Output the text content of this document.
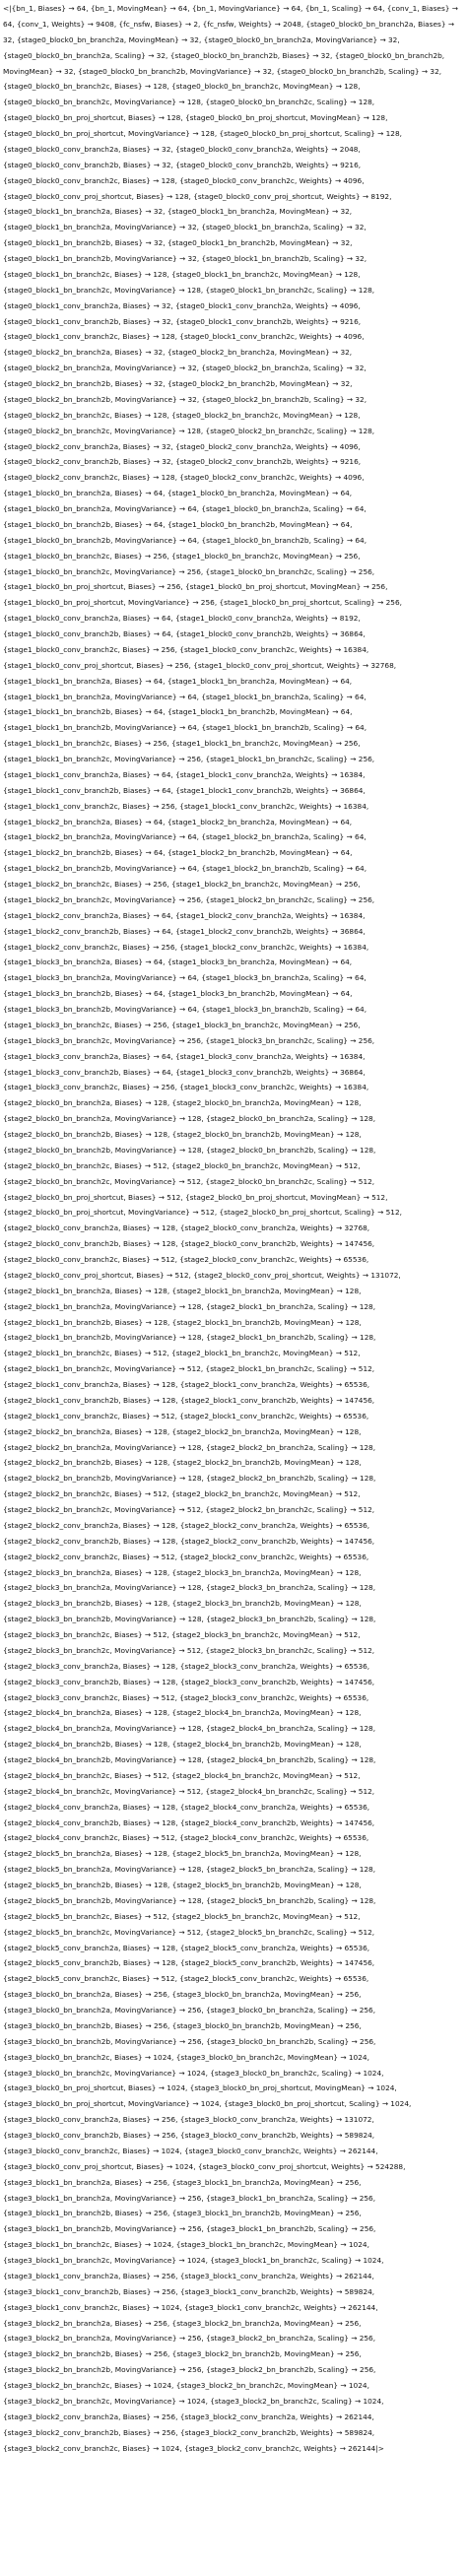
<|{bn_1, Biases} → 64, {bn_1, MovingMean} → 64, {bn_1, MovingVariance} → 64, {bn_1, Scaling} → 64, {conv_1, Biases} → 64, {conv_1, Weights} → 9408, {fc_nsfw, Biases} → 2, {fc_nsfw, Weights} → 2048, {stage0_block0_bn_branch2a, Biases} → 32, {stage0_block0_bn_branch2a, MovingMean} → 32, {stage0_block0_bn_branch2a, MovingVariance} → 32, {stage0_block0_bn_branch2a, Scaling} → 32, {stage0_block0_bn_branch2b, Biases} → 32, {stage0_block0_bn_branch2b, MovingMean} → 32, {stage0_block0_bn_branch2b, MovingVariance} → 32, {stage0_block0_bn_branch2b, Scaling} → 32, {stage0_block0_bn_branch2c, Biases} → 128, {stage0_block0_bn_branch2c, MovingMean} → 128, {stage0_block0_bn_branch2c, MovingVariance} → 128, {stage0_block0_bn_branch2c, Scaling} → 128, {stage0_block0_bn_proj_shortcut, Biases} → 128, {stage0_block0_bn_proj_shortcut, MovingMean} → 128, {stage0_block0_bn_proj_shortcut, MovingVariance} → 128, {stage0_block0_bn_proj_shortcut, Scaling} → 128, {stage0_block0_conv_branch2a, Biases} → 32, {stage0_block0_conv_branch2a, Weights} → 2048, {stage0_block0_conv_branch2b, Biases} → 32, {stage0_block0_conv_branch2b, Weights} → 9216, {stage0_block0_conv_branch2c, Biases} → 128, {stage0_block0_conv_branch2c, Weights} → 4096, {stage0_block0_conv_proj_shortcut, Biases} → 128, {stage0_block0_conv_proj_shortcut, Weights} → 8192, {stage0_block1_bn_branch2a, Biases} → 32, {stage0_block1_bn_branch2a, MovingMean} → 32, {stage0_block1_bn_branch2a, MovingVariance} → 32, {stage0_block1_bn_branch2a, Scaling} → 32, {stage0_block1_bn_branch2b, Biases} → 32, {stage0_block1_bn_branch2b, MovingMean} → 32, {stage0_block1_bn_branch2b, MovingVariance} → 32, {stage0_block1_bn_branch2b, Scaling} → 32, {stage0_block1_bn_branch2c, Biases} → 128, {stage0_block1_bn_branch2c, MovingMean} → 128, {stage0_block1_bn_branch2c, MovingVariance} → 128, {stage0_block1_bn_branch2c, Scaling} → 128, {stage0_block1_conv_branch2a, Biases} → 32, {stage0_block1_conv_branch2a, Weights} → 4096, {stage0_block1_conv_branch2b, Biases} → 32, {stage0_block1_conv_branch2b, Weights} → 9216, {stage0_block1_conv_branch2c, Biases} → 128, {stage0_block1_conv_branch2c, Weights} → 4096, {stage0_block2_bn_branch2a, Biases} → 32, {stage0_block2_bn_branch2a, MovingMean} → 32, {stage0_block2_bn_branch2a, MovingVariance} → 32, {stage0_block2_bn_branch2a, Scaling} → 32, {stage0_block2_bn_branch2b, Biases} → 32, {stage0_block2_bn_branch2b, MovingMean} → 32, {stage0_block2_bn_branch2b, MovingVariance} → 32, {stage0_block2_bn_branch2b, Scaling} → 32, {stage0_block2_bn_branch2c, Biases} → 128, {stage0_block2_bn_branch2c, MovingMean} → 128, {stage0_block2_bn_branch2c, MovingVariance} → 128, {stage0_block2_bn_branch2c, Scaling} → 128, {stage0_block2_conv_branch2a, Biases} → 32, {stage0_block2_conv_branch2a, Weights} → 4096, {stage0_block2_conv_branch2b, Biases} → 32, {stage0_block2_conv_branch2b, Weights} → 9216, {stage0_block2_conv_branch2c, Biases} → 128, {stage0_block2_conv_branch2c, Weights} → 4096, {stage1_block0_bn_branch2a, Biases} → 64, {stage1_block0_bn_branch2a, MovingMean} → 64, {stage1_block0_bn_branch2a, MovingVariance} → 64, {stage1_block0_bn_branch2a, Scaling} → 64, {stage1_block0_bn_branch2b, Biases} → 64, {stage1_block0_bn_branch2b, MovingMean} → 64, {stage1_block0_bn_branch2b, MovingVariance} → 64, {stage1_block0_bn_branch2b, Scaling} → 64, {stage1_block0_bn_branch2c, Biases} → 256, {stage1_block0_bn_branch2c, MovingMean} → 256, {stage1_block0_bn_branch2c, MovingVariance} → 256, {stage1_block0_bn_branch2c, Scaling} → 256, {stage1_block0_bn_proj_shortcut, Biases} → 256, {stage1_block0_bn_proj_shortcut, MovingMean} → 256, {stage1_block0_bn_proj_shortcut, MovingVariance} → 256, {stage1_block0_bn_proj_shortcut, Scaling} → 256, {stage1_block0_conv_branch2a, Biases} → 64, {stage1_block0_conv_branch2a, Weights} → 8192, {stage1_block0_conv_branch2b, Biases} → 64, {stage1_block0_conv_branch2b, Weights} → 36864, {stage1_block0_conv_branch2c, Biases} → 256, {stage1_block0_conv_branch2c, Weights} → 16384, {stage1_block0_conv_proj_shortcut, Biases} → 256, {stage1_block0_conv_proj_shortcut, Weights} → 32768, {stage1_block1_bn_branch2a, Biases} → 64, {stage1_block1_bn_branch2a, MovingMean} → 64, {stage1_block1_bn_branch2a, MovingVariance} → 64, {stage1_block1_bn_branch2a, Scaling} → 64, {stage1_block1_bn_branch2b, Biases} → 64, {stage1_block1_bn_branch2b, MovingMean} → 64, {stage1_block1_bn_branch2b, MovingVariance} → 64, {stage1_block1_bn_branch2b, Scaling} → 64, {stage1_block1_bn_branch2c, Biases} → 256, {stage1_block1_bn_branch2c, MovingMean} → 256, {stage1_block1_bn_branch2c, MovingVariance} → 256, {stage1_block1_bn_branch2c, Scaling} → 256, {stage1_block1_conv_branch2a, Biases} → 64, {stage1_block1_conv_branch2a, Weights} → 16384, {stage1_block1_conv_branch2b, Biases} → 64, {stage1_block1_conv_branch2b, Weights} → 36864, {stage1_block1_conv_branch2c, Biases} → 256, {stage1_block1_conv_branch2c, Weights} → 16384, {stage1_block2_bn_branch2a, Biases} → 64, {stage1_block2_bn_branch2a, MovingMean} → 64, {stage1_block2_bn_branch2a, MovingVariance} → 64, {stage1_block2_bn_branch2a, Scaling} → 64, {stage1_block2_bn_branch2b, Biases} → 64, {stage1_block2_bn_branch2b, MovingMean} → 64, {stage1_block2_bn_branch2b, MovingVariance} → 64, {stage1_block2_bn_branch2b, Scaling} → 64, {stage1_block2_bn_branch2c, Biases} → 256, {stage1_block2_bn_branch2c, MovingMean} → 256, {stage1_block2_bn_branch2c, MovingVariance} → 256, {stage1_block2_bn_branch2c, Scaling} → 256, {stage1_block2_conv_branch2a, Biases} → 64, {stage1_block2_conv_branch2a, Weights} → 16384, {stage1_block2_conv_branch2b, Biases} → 64, {stage1_block2_conv_branch2b, Weights} → 36864, {stage1_block2_conv_branch2c, Biases} → 256, {stage1_block2_conv_branch2c, Weights} → 16384, {stage1_block3_bn_branch2a, Biases} → 64, {stage1_block3_bn_branch2a, MovingMean} → 64, {stage1_block3_bn_branch2a, MovingVariance} → 64, {stage1_block3_bn_branch2a, Scaling} → 64, {stage1_block3_bn_branch2b, Biases} → 64, {stage1_block3_bn_branch2b, MovingMean} → 64, {stage1_block3_bn_branch2b, MovingVariance} → 64, {stage1_block3_bn_branch2b, Scaling} → 64, {stage1_block3_bn_branch2c, Biases} → 256, {stage1_block3_bn_branch2c, MovingMean} → 256, {stage1_block3_bn_branch2c, MovingVariance} → 256, {stage1_block3_bn_branch2c, Scaling} → 256, {stage1_block3_conv_branch2a, Biases} → 64, {stage1_block3_conv_branch2a, Weights} → 16384, {stage1_block3_conv_branch2b, Biases} → 64, {stage1_block3_conv_branch2b, Weights} → 36864, {stage1_block3_conv_branch2c, Biases} → 256, {stage1_block3_conv_branch2c, Weights} → 16384, {stage2_block0_bn_branch2a, Biases} → 128, {stage2_block0_bn_branch2a, MovingMean} → 128, {stage2_block0_bn_branch2a, MovingVariance} → 128, {stage2_block0_bn_branch2a, Scaling} → 128, {stage2_block0_bn_branch2b, Biases} → 128, {stage2_block0_bn_branch2b, MovingMean} → 128, {stage2_block0_bn_branch2b, MovingVariance} → 128, {stage2_block0_bn_branch2b, Scaling} → 128, {stage2_block0_bn_branch2c, Biases} → 512, {stage2_block0_bn_branch2c, MovingMean} → 512, {stage2_block0_bn_branch2c, MovingVariance} → 512, {stage2_block0_bn_branch2c, Scaling} → 512, {stage2_block0_bn_proj_shortcut, Biases} → 512, {stage2_block0_bn_proj_shortcut, MovingMean} → 512, {stage2_block0_bn_proj_shortcut, MovingVariance} → 512, {stage2_block0_bn_proj_shortcut, Scaling} → 512, {stage2_block0_conv_branch2a, Biases} → 128, {stage2_block0_conv_branch2a, Weights} → 32768, {stage2_block0_conv_branch2b, Biases} → 128, {stage2_block0_conv_branch2b, Weights} → 147456, {stage2_block0_conv_branch2c, Biases} → 512, {stage2_block0_conv_branch2c, Weights} → 65536, {stage2_block0_conv_proj_shortcut, Biases} → 512, {stage2_block0_conv_proj_shortcut, Weights} → 131072, {stage2_block1_bn_branch2a, Biases} → 128, {stage2_block1_bn_branch2a, MovingMean} → 128, {stage2_block1_bn_branch2a, MovingVariance} → 128, {stage2_block1_bn_branch2a, Scaling} → 128, {stage2_block1_bn_branch2b, Biases} → 128, {stage2_block1_bn_branch2b, MovingMean} → 128, {stage2_block1_bn_branch2b, MovingVariance} → 128, {stage2_block1_bn_branch2b, Scaling} → 128, {stage2_block1_bn_branch2c, Biases} → 512, {stage2_block1_bn_branch2c, MovingMean} → 512, {stage2_block1_bn_branch2c, MovingVariance} → 512, {stage2_block1_bn_branch2c, Scaling} → 512, {stage2_block1_conv_branch2a, Biases} → 128, {stage2_block1_conv_branch2a, Weights} → 65536, {stage2_block1_conv_branch2b, Biases} → 128, {stage2_block1_conv_branch2b, Weights} → 147456, {stage2_block1_conv_branch2c, Biases} → 512, {stage2_block1_conv_branch2c, Weights} → 65536, {stage2_block2_bn_branch2a, Biases} → 128, {stage2_block2_bn_branch2a, MovingMean} → 128, {stage2_block2_bn_branch2a, MovingVariance} → 128, {stage2_block2_bn_branch2a, Scaling} → 128, {stage2_block2_bn_branch2b, Biases} → 128, {stage2_block2_bn_branch2b, MovingMean} → 128, {stage2_block2_bn_branch2b, MovingVariance} → 128, {stage2_block2_bn_branch2b, Scaling} → 128, {stage2_block2_bn_branch2c, Biases} → 512, {stage2_block2_bn_branch2c, MovingMean} → 512, {stage2_block2_bn_branch2c, MovingVariance} → 512, {stage2_block2_bn_branch2c, Scaling} → 512, {stage2_block2_conv_branch2a, Biases} → 128, {stage2_block2_conv_branch2a, Weights} → 65536, {stage2_block2_conv_branch2b, Biases} → 128, {stage2_block2_conv_branch2b, Weights} → 147456, {stage2_block2_conv_branch2c, Biases} → 512, {stage2_block2_conv_branch2c, Weights} → 65536, {stage2_block3_bn_branch2a, Biases} → 128, {stage2_block3_bn_branch2a, MovingMean} → 128, {stage2_block3_bn_branch2a, MovingVariance} → 128, {stage2_block3_bn_branch2a, Scaling} → 128, {stage2_block3_bn_branch2b, Biases} → 128, {stage2_block3_bn_branch2b, MovingMean} → 128, {stage2_block3_bn_branch2b, MovingVariance} → 128, {stage2_block3_bn_branch2b, Scaling} → 128, {stage2_block3_bn_branch2c, Biases} → 512, {stage2_block3_bn_branch2c, MovingMean} → 512, {stage2_block3_bn_branch2c, MovingVariance} → 512, {stage2_block3_bn_branch2c, Scaling} → 512, {stage2_block3_conv_branch2a, Biases} → 128, {stage2_block3_conv_branch2a, Weights} → 65536, {stage2_block3_conv_branch2b, Biases} → 128, {stage2_block3_conv_branch2b, Weights} → 147456, {stage2_block3_conv_branch2c, Biases} → 512, {stage2_block3_conv_branch2c, Weights} → 65536, {stage2_block4_bn_branch2a, Biases} → 128, {stage2_block4_bn_branch2a, MovingMean} → 128, {stage2_block4_bn_branch2a, MovingVariance} → 128, {stage2_block4_bn_branch2a, Scaling} → 128, {stage2_block4_bn_branch2b, Biases} → 128, {stage2_block4_bn_branch2b, MovingMean} → 128, {stage2_block4_bn_branch2b, MovingVariance} → 128, {stage2_block4_bn_branch2b, Scaling} → 128, {stage2_block4_bn_branch2c, Biases} → 512, {stage2_block4_bn_branch2c, MovingMean} → 512, {stage2_block4_bn_branch2c, MovingVariance} → 512, {stage2_block4_bn_branch2c, Scaling} → 512, {stage2_block4_conv_branch2a, Biases} → 128, {stage2_block4_conv_branch2a, Weights} → 65536, {stage2_block4_conv_branch2b, Biases} → 128, {stage2_block4_conv_branch2b, Weights} → 147456, {stage2_block4_conv_branch2c, Biases} → 512, {stage2_block4_conv_branch2c, Weights} → 65536, {stage2_block5_bn_branch2a, Biases} → 128, {stage2_block5_bn_branch2a, MovingMean} → 128, {stage2_block5_bn_branch2a, MovingVariance} → 128, {stage2_block5_bn_branch2a, Scaling} → 128, {stage2_block5_bn_branch2b, Biases} → 128, {stage2_block5_bn_branch2b, MovingMean} → 128, {stage2_block5_bn_branch2b, MovingVariance} → 128, {stage2_block5_bn_branch2b, Scaling} → 128, {stage2_block5_bn_branch2c, Biases} → 512, {stage2_block5_bn_branch2c, MovingMean} → 512, {stage2_block5_bn_branch2c, MovingVariance} → 512, {stage2_block5_bn_branch2c, Scaling} → 512, {stage2_block5_conv_branch2a, Biases} → 128, {stage2_block5_conv_branch2a, Weights} → 65536, {stage2_block5_conv_branch2b, Biases} → 128, {stage2_block5_conv_branch2b, Weights} → 147456, {stage2_block5_conv_branch2c, Biases} → 512, {stage2_block5_conv_branch2c, Weights} → 65536, {stage3_block0_bn_branch2a, Biases} → 256, {stage3_block0_bn_branch2a, MovingMean} → 256, {stage3_block0_bn_branch2a, MovingVariance} → 256, {stage3_block0_bn_branch2a, Scaling} → 256, {stage3_block0_bn_branch2b, Biases} → 256, {stage3_block0_bn_branch2b, MovingMean} → 256, {stage3_block0_bn_branch2b, MovingVariance} → 256, {stage3_block0_bn_branch2b, Scaling} → 256, {stage3_block0_bn_branch2c, Biases} → 1024, {stage3_block0_bn_branch2c, MovingMean} → 1024, {stage3_block0_bn_branch2c, MovingVariance} → 1024, {stage3_block0_bn_branch2c, Scaling} → 1024, {stage3_block0_bn_proj_shortcut, Biases} → 1024, {stage3_block0_bn_proj_shortcut, MovingMean} → 1024, {stage3_block0_bn_proj_shortcut, MovingVariance} → 1024, {stage3_block0_bn_proj_shortcut, Scaling} → 1024, {stage3_block0_conv_branch2a, Biases} → 256, {stage3_block0_conv_branch2a, Weights} → 131072, {stage3_block0_conv_branch2b, Biases} → 256, {stage3_block0_conv_branch2b, Weights} → 589824, {stage3_block0_conv_branch2c, Biases} → 1024, {stage3_block0_conv_branch2c, Weights} → 262144, {stage3_block0_conv_proj_shortcut, Biases} → 1024, {stage3_block0_conv_proj_shortcut, Weights} → 524288, {stage3_block1_bn_branch2a, Biases} → 256, {stage3_block1_bn_branch2a, MovingMean} → 256, {stage3_block1_bn_branch2a, MovingVariance} → 256, {stage3_block1_bn_branch2a, Scaling} → 256, {stage3_block1_bn_branch2b, Biases} → 256, {stage3_block1_bn_branch2b, MovingMean} → 256, {stage3_block1_bn_branch2b, MovingVariance} → 256, {stage3_block1_bn_branch2b, Scaling} → 256, {stage3_block1_bn_branch2c, Biases} → 1024, {stage3_block1_bn_branch2c, MovingMean} → 1024, {stage3_block1_bn_branch2c, MovingVariance} → 1024, {stage3_block1_bn_branch2c, Scaling} → 1024, {stage3_block1_conv_branch2a, Biases} → 256, {stage3_block1_conv_branch2a, Weights} → 262144, {stage3_block1_conv_branch2b, Biases} → 256, {stage3_block1_conv_branch2b, Weights} → 589824, {stage3_block1_conv_branch2c, Biases} → 1024, {stage3_block1_conv_branch2c, Weights} → 262144, {stage3_block2_bn_branch2a, Biases} → 256, {stage3_block2_bn_branch2a, MovingMean} → 256, {stage3_block2_bn_branch2a, MovingVariance} → 256, {stage3_block2_bn_branch2a, Scaling} → 256, {stage3_block2_bn_branch2b, Biases} → 256, {stage3_block2_bn_branch2b, MovingMean} → 256, {stage3_block2_bn_branch2b, MovingVariance} → 256, {stage3_block2_bn_branch2b, Scaling} → 256, {stage3_block2_bn_branch2c, Biases} → 1024, {stage3_block2_bn_branch2c, MovingMean} → 1024, {stage3_block2_bn_branch2c, MovingVariance} → 1024, {stage3_block2_bn_branch2c, Scaling} → 1024, {stage3_block2_conv_branch2a, Biases} → 256, {stage3_block2_conv_branch2a, Weights} → 262144, {stage3_block2_conv_branch2b, Biases} → 256, {stage3_block2_conv_branch2b, Weights} → 589824, {stage3_block2_conv_branch2c, Biases} → 1024, {stage3_block2_conv_branch2c, Weights} → 262144|>
